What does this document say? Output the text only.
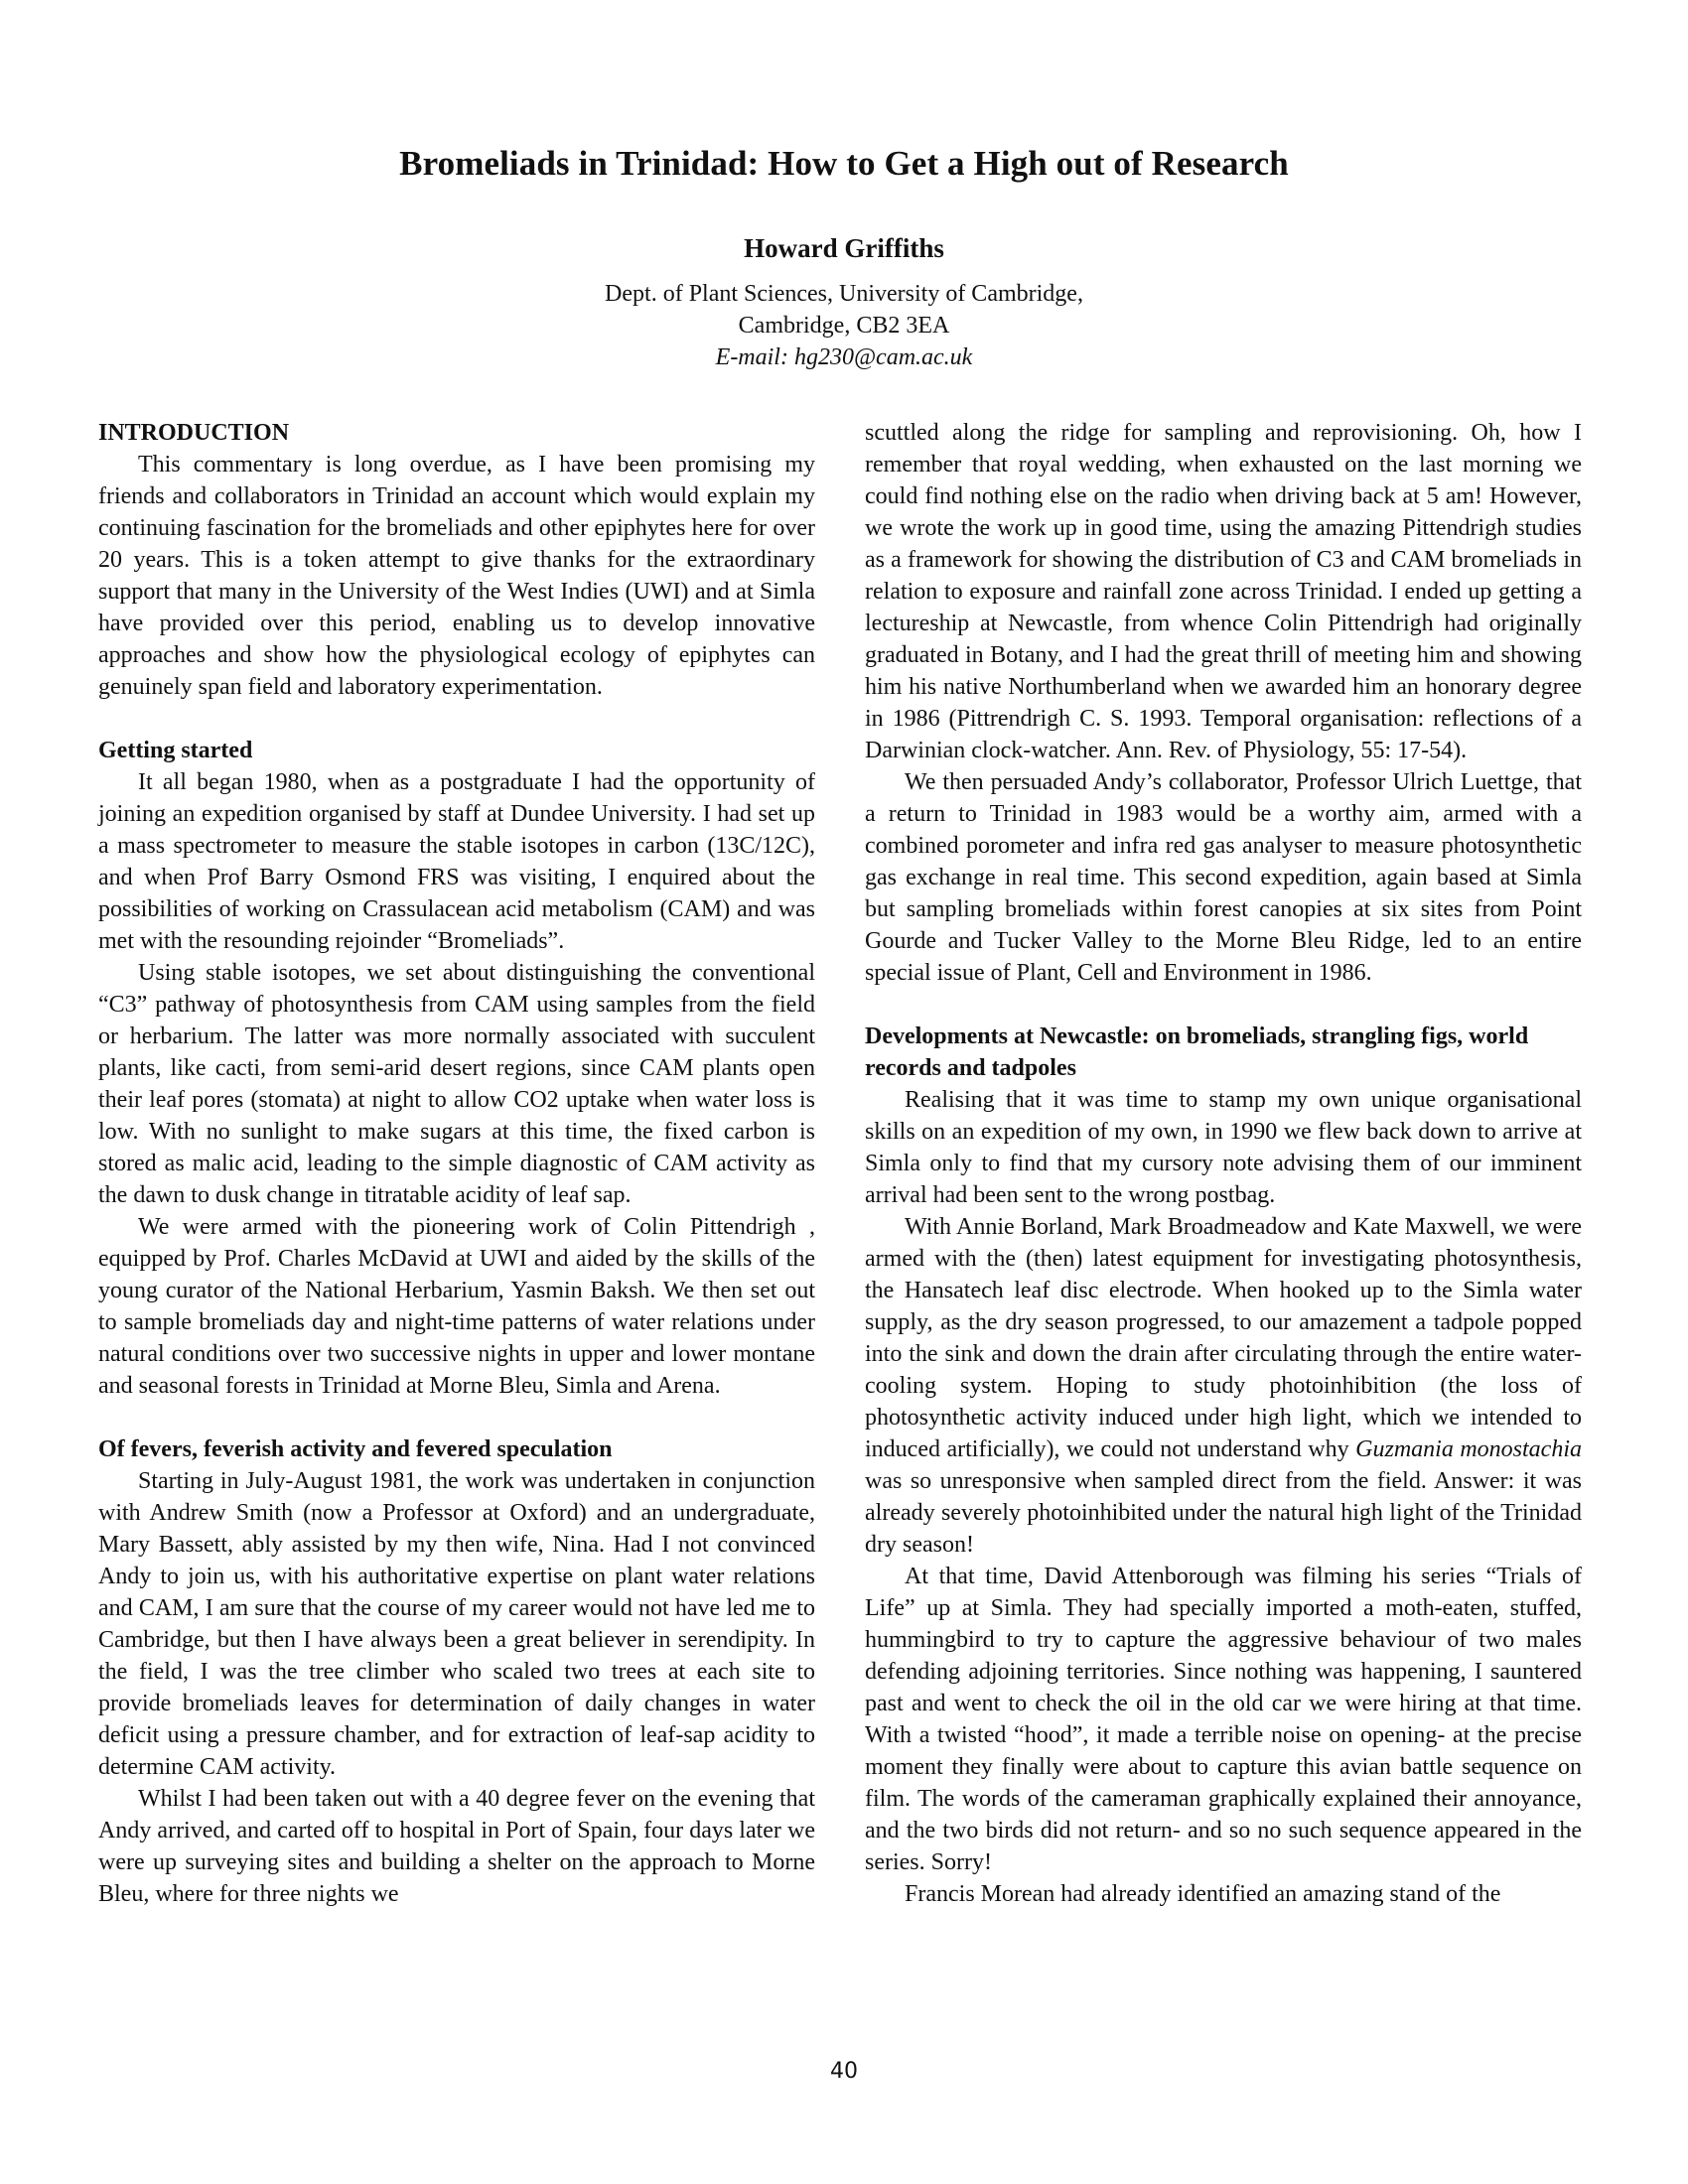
Bromeliads in Trinidad: How to Get a High out of Research
Howard Griffiths
Dept. of Plant Sciences, University of Cambridge,
Cambridge, CB2 3EA
E-mail: hg230@cam.ac.uk
INTRODUCTION

This commentary is long overdue, as I have been promising my friends and collaborators in Trinidad an account which would explain my continuing fascination for the bromeliads and other epiphytes here for over 20 years. This is a token attempt to give thanks for the extraordinary support that many in the University of the West Indies (UWI) and at Simla have provided over this period, enabling us to develop innovative approaches and show how the physiological ecology of epiphytes can genuinely span field and laboratory experimentation.

Getting started

It all began 1980, when as a postgraduate I had the opportunity of joining an expedition organised by staff at Dundee University. I had set up a mass spectrometer to measure the stable isotopes in carbon (13C/12C), and when Prof Barry Osmond FRS was visiting, I enquired about the possibilities of working on Crassulacean acid metabolism (CAM) and was met with the resounding rejoinder “Bromeliads”.

Using stable isotopes, we set about distinguishing the conventional “C3” pathway of photosynthesis from CAM using samples from the field or herbarium. The latter was more normally associated with succulent plants, like cacti, from semi-arid desert regions, since CAM plants open their leaf pores (stomata) at night to allow CO2 uptake when water loss is low. With no sunlight to make sugars at this time, the fixed carbon is stored as malic acid, leading to the simple diagnostic of CAM activity as the dawn to dusk change in titratable acidity of leaf sap.

We were armed with the pioneering work of Colin Pittendrigh , equipped by Prof. Charles McDavid at UWI and aided by the skills of the young curator of the National Herbarium, Yasmin Baksh. We then set out to sample bromeliads day and night-time patterns of water relations under natural conditions over two successive nights in upper and lower montane and seasonal forests in Trinidad at Morne Bleu, Simla and Arena.

Of fevers, feverish activity and fevered speculation

Starting in July-August 1981, the work was undertaken in conjunction with Andrew Smith (now a Professor at Oxford) and an undergraduate, Mary Bassett, ably assisted by my then wife, Nina. Had I not convinced Andy to join us, with his authoritative expertise on plant water relations and CAM, I am sure that the course of my career would not have led me to Cambridge, but then I have always been a great believer in serendipity. In the field, I was the tree climber who scaled two trees at each site to provide bromeliads leaves for determination of daily changes in water deficit using a pressure chamber, and for extraction of leaf-sap acidity to determine CAM activity.

Whilst I had been taken out with a 40 degree fever on the evening that Andy arrived, and carted off to hospital in Port of Spain, four days later we were up surveying sites and building a shelter on the approach to Morne Bleu, where for three nights we

scuttled along the ridge for sampling and reprovisioning. Oh, how I remember that royal wedding, when exhausted on the last morning we could find nothing else on the radio when driving back at 5 am! However, we wrote the work up in good time, using the amazing Pittendrigh studies as a framework for showing the distribution of C3 and CAM bromeliads in relation to exposure and rainfall zone across Trinidad. I ended up getting a lectureship at Newcastle, from whence Colin Pittendrigh had originally graduated in Botany, and I had the great thrill of meeting him and showing him his native Northumberland when we awarded him an honorary degree in 1986 (Pittrendrigh C. S. 1993. Temporal organisation: reflections of a Darwinian clock-watcher. Ann. Rev. of Physiology, 55: 17-54).

We then persuaded Andy’s collaborator, Professor Ulrich Luettge, that a return to Trinidad in 1983 would be a worthy aim, armed with a combined porometer and infra red gas analyser to measure photosynthetic gas exchange in real time. This second expedition, again based at Simla but sampling bromeliads within forest canopies at six sites from Point Gourde and Tucker Valley to the Morne Bleu Ridge, led to an entire special issue of Plant, Cell and Environment in 1986.

Developments at Newcastle: on bromeliads, strangling figs, world records and tadpoles

Realising that it was time to stamp my own unique organisational skills on an expedition of my own, in 1990 we flew back down to arrive at Simla only to find that my cursory note advising them of our imminent arrival had been sent to the wrong postbag.

With Annie Borland, Mark Broadmeadow and Kate Maxwell, we were armed with the (then) latest equipment for investigating photosynthesis, the Hansatech leaf disc electrode. When hooked up to the Simla water supply, as the dry season progressed, to our amazement a tadpole popped into the sink and down the drain after circulating through the entire water-cooling system. Hoping to study photoinhibition (the loss of photosynthetic activity induced under high light, which we intended to induced artificially), we could not understand why Guzmania monostachia was so unresponsive when sampled direct from the field. Answer: it was already severely photoinhibited under the natural high light of the Trinidad dry season!

At that time, David Attenborough was filming his series “Trials of Life” up at Simla. They had specially imported a moth-eaten, stuffed, hummingbird to try to capture the aggressive behaviour of two males defending adjoining territories. Since nothing was happening, I sauntered past and went to check the oil in the old car we were hiring at that time. With a twisted “hood”, it made a terrible noise on opening- at the precise moment they finally were about to capture this avian battle sequence on film. The words of the cameraman graphically explained their annoyance, and the two birds did not return- and so no such sequence appeared in the series. Sorry!

Francis Morean had already identified an amazing stand of the

40
